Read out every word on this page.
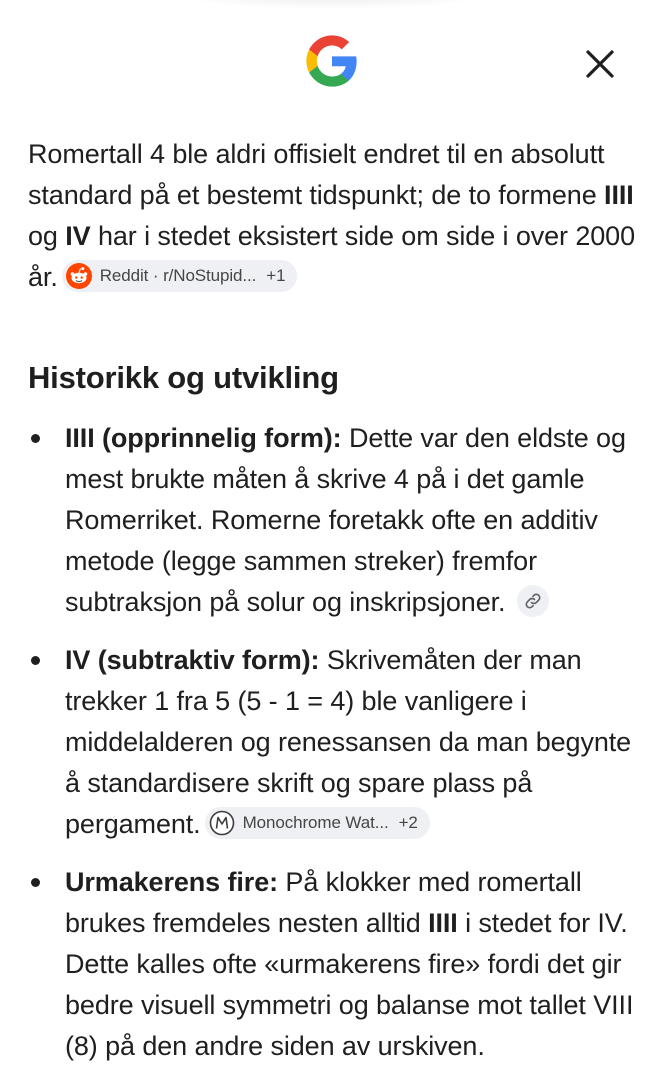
Romertall 4 ble aldri offisielt endret til en absolutt standard på et bestemt tidspunkt; de to formene IIII og IV har i stedet eksistert side om side i over 2000 år. Reddit · r/NoStupid... +1

Historikk og utvikling
IIII (opprinnelig form): Dette var den eldste og mest brukte måten å skrive 4 på i det gamle Romerriket. Romerne foretakk ofte en additiv metode (legge sammen streker) fremfor subtraksjon på solur og inskripsjoner.
IV (subtraktiv form): Skrivemåten der man trekker 1 fra 5 (5 - 1 = 4) ble vanligere i middelalderen og renessansen da man begynte å standardisere skrift og spare plass på pergament. Monochrome Wat... +2
Urmakerens fire: På klokker med romertall brukes fremdeles nesten alltid IIII i stedet for IV. Dette kalles ofte «urmakerens fire» fordi det gir bedre visuell symmetri og balanse mot tallet VIII (8) på den andre siden av urskiven.
